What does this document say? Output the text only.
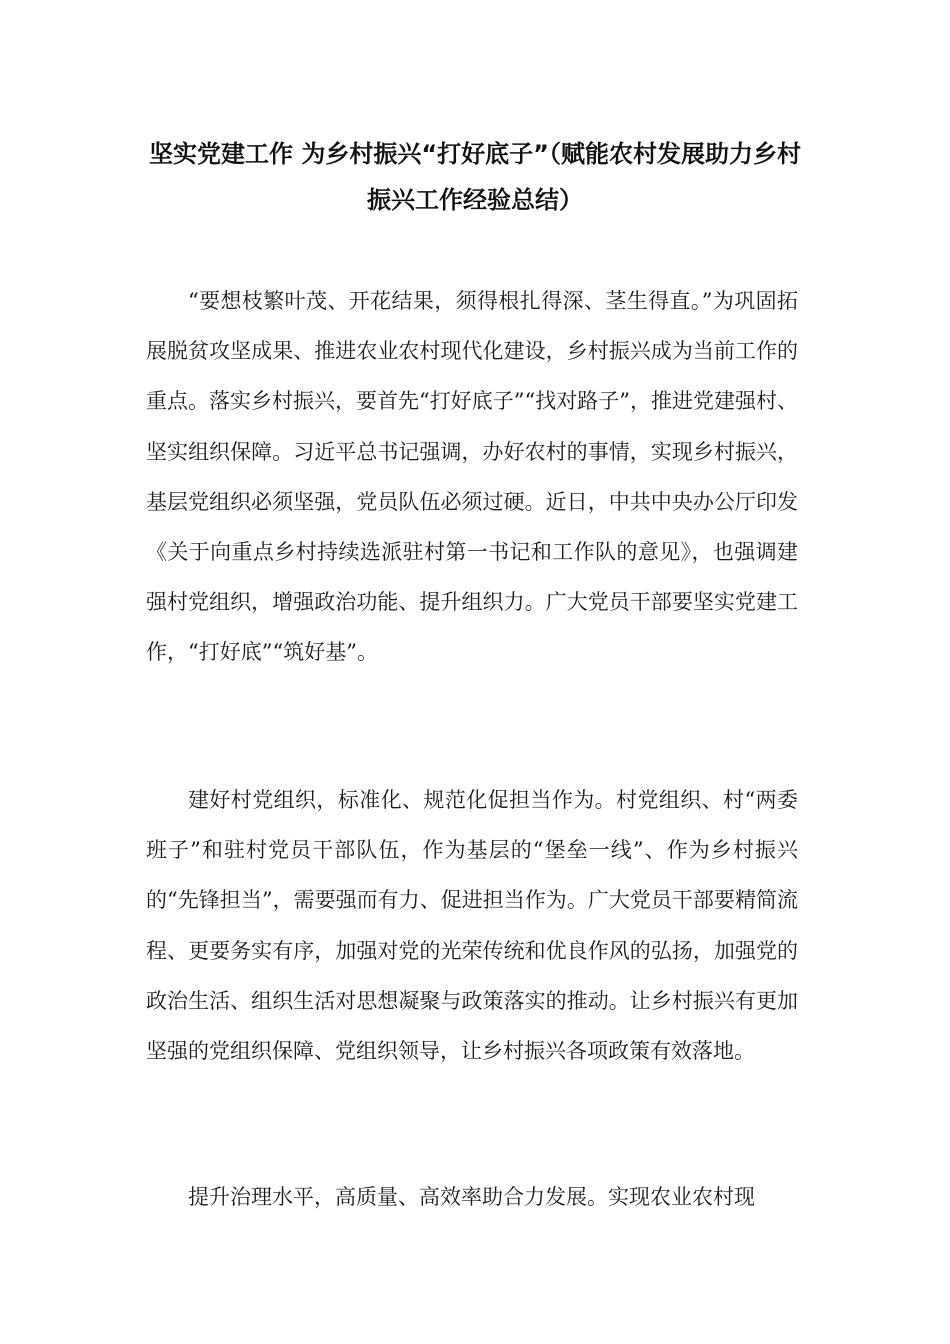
坚实党建工作 为乡村振兴“打好底子”（赋能农村发展助力乡村振兴工作经验总结）

“要想枝繁叶茂、开花结果，须得根扎得深、茎生得直。”为巩固拓展脱贫攻坚成果、推进农业农村现代化建设，乡村振兴成为当前工作的重点。落实乡村振兴，要首先“打好底子”“找对路子”，推进党建强村、坚实组织保障。习近平总书记强调，办好农村的事情，实现乡村振兴，基层党组织必须坚强，党员队伍必须过硬。近日，中共中央办公厅印发《关于向重点乡村持续选派驻村第一书记和工作队的意见》，也强调建强村党组织，增强政治功能、提升组织力。广大党员干部要坚实党建工作，“打好底”“筑好基”。

建好村党组织，标准化、规范化促担当作为。村党组织、村“两委班子”和驻村党员干部队伍，作为基层的“堡垒一线”、作为乡村振兴的“先锋担当”，需要强而有力、促进担当作为。广大党员干部要精简流程、更要务实有序，加强对党的光荣传统和优良作风的弘扬，加强党的政治生活、组织生活对思想凝聚与政策落实的推动。让乡村振兴有更加坚强的党组织保障、党组织领导，让乡村振兴各项政策有效落地。

提升治理水平，高质量、高效率助合力发展。实现农业农村现
